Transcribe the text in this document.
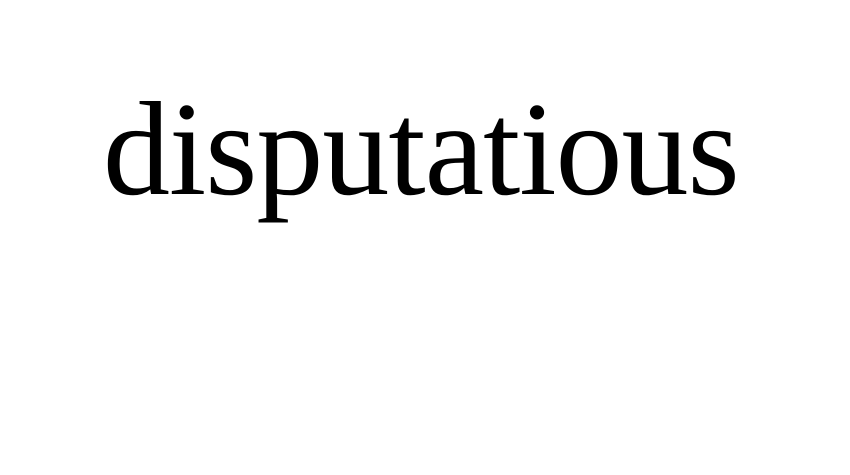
disputatious
